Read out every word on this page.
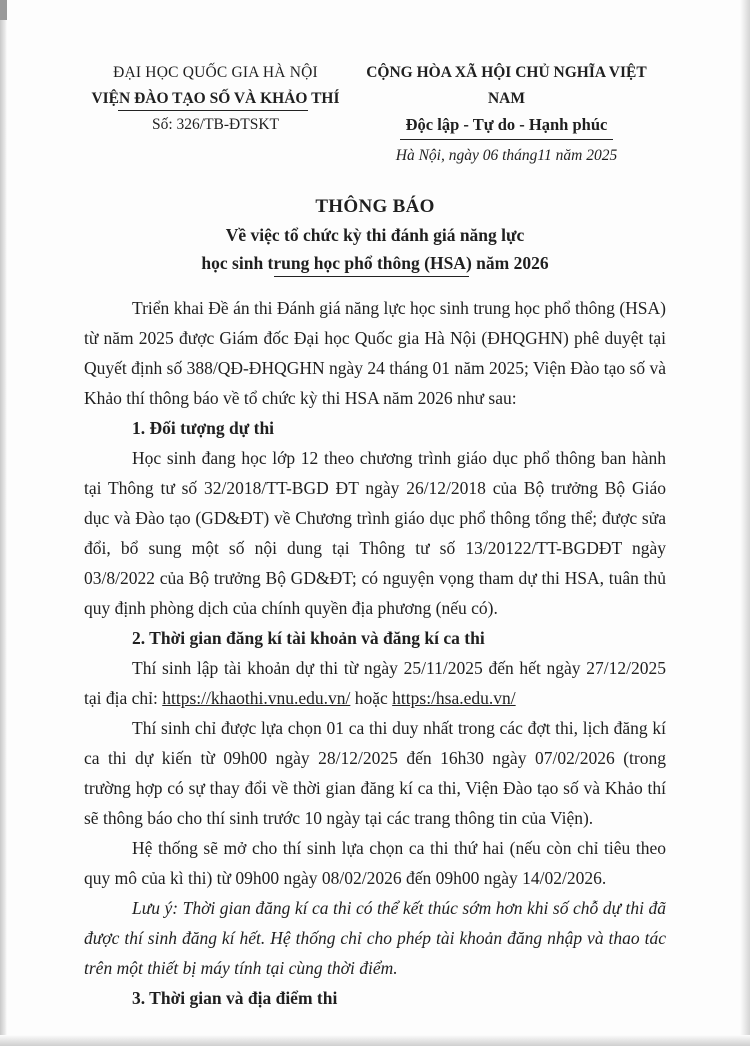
ĐẠI HỌC QUỐC GIA HÀ NỘI
VIỆN ĐÀO TẠO SỐ VÀ KHẢO THÍ
Số: 326/TB-ĐTSKT
CỘNG HÒA XÃ HỘI CHỦ NGHĨA VIỆT NAM
Độc lập - Tự do - Hạnh phúc
Hà Nội, ngày 06 tháng11 năm 2025
THÔNG BÁO
Về việc tổ chức kỳ thi đánh giá năng lực
học sinh trung học phổ thông (HSA) năm 2026

Triển khai Đề án thi Đánh giá năng lực học sinh trung học phổ thông (HSA) từ năm 2025 được Giám đốc Đại học Quốc gia Hà Nội (ĐHQGHN) phê duyệt tại Quyết định số 388/QĐ-ĐHQGHN ngày 24 tháng 01 năm 2025; Viện Đào tạo số và Khảo thí thông báo về tổ chức kỳ thi HSA năm 2026 như sau:

1. Đối tượng dự thi

Học sinh đang học lớp 12 theo chương trình giáo dục phổ thông ban hành tại Thông tư số 32/2018/TT-BGD ĐT ngày 26/12/2018 của Bộ trưởng Bộ Giáo dục và Đào tạo (GD&ĐT) về Chương trình giáo dục phổ thông tổng thể; được sửa đổi, bổ sung một số nội dung tại Thông tư số 13/20122/TT-BGDĐT ngày 03/8/2022 của Bộ trưởng Bộ GD&ĐT; có nguyện vọng tham dự thi HSA, tuân thủ quy định phòng dịch của chính quyền địa phương (nếu có).

2. Thời gian đăng kí tài khoản và đăng kí ca thi

Thí sinh lập tài khoản dự thi từ ngày 25/11/2025 đến hết ngày 27/12/2025 tại địa chỉ: https://khaothi.vnu.edu.vn/ hoặc https:/hsa.edu.vn/

Thí sinh chỉ được lựa chọn 01 ca thi duy nhất trong các đợt thi, lịch đăng kí ca thi dự kiến từ 09h00 ngày 28/12/2025 đến 16h30 ngày 07/02/2026 (trong trường hợp có sự thay đổi về thời gian đăng kí ca thi, Viện Đào tạo số và Khảo thí sẽ thông báo cho thí sinh trước 10 ngày tại các trang thông tin của Viện).

Hệ thống sẽ mở cho thí sinh lựa chọn ca thi thứ hai (nếu còn chỉ tiêu theo quy mô của kì thi) từ 09h00 ngày 08/02/2026 đến 09h00 ngày 14/02/2026.

Lưu ý: Thời gian đăng kí ca thi có thể kết thúc sớm hơn khi số chỗ dự thi đã được thí sinh đăng kí hết. Hệ thống chỉ cho phép tài khoản đăng nhập và thao tác trên một thiết bị máy tính tại cùng thời điểm.

3. Thời gian và địa điểm thi
